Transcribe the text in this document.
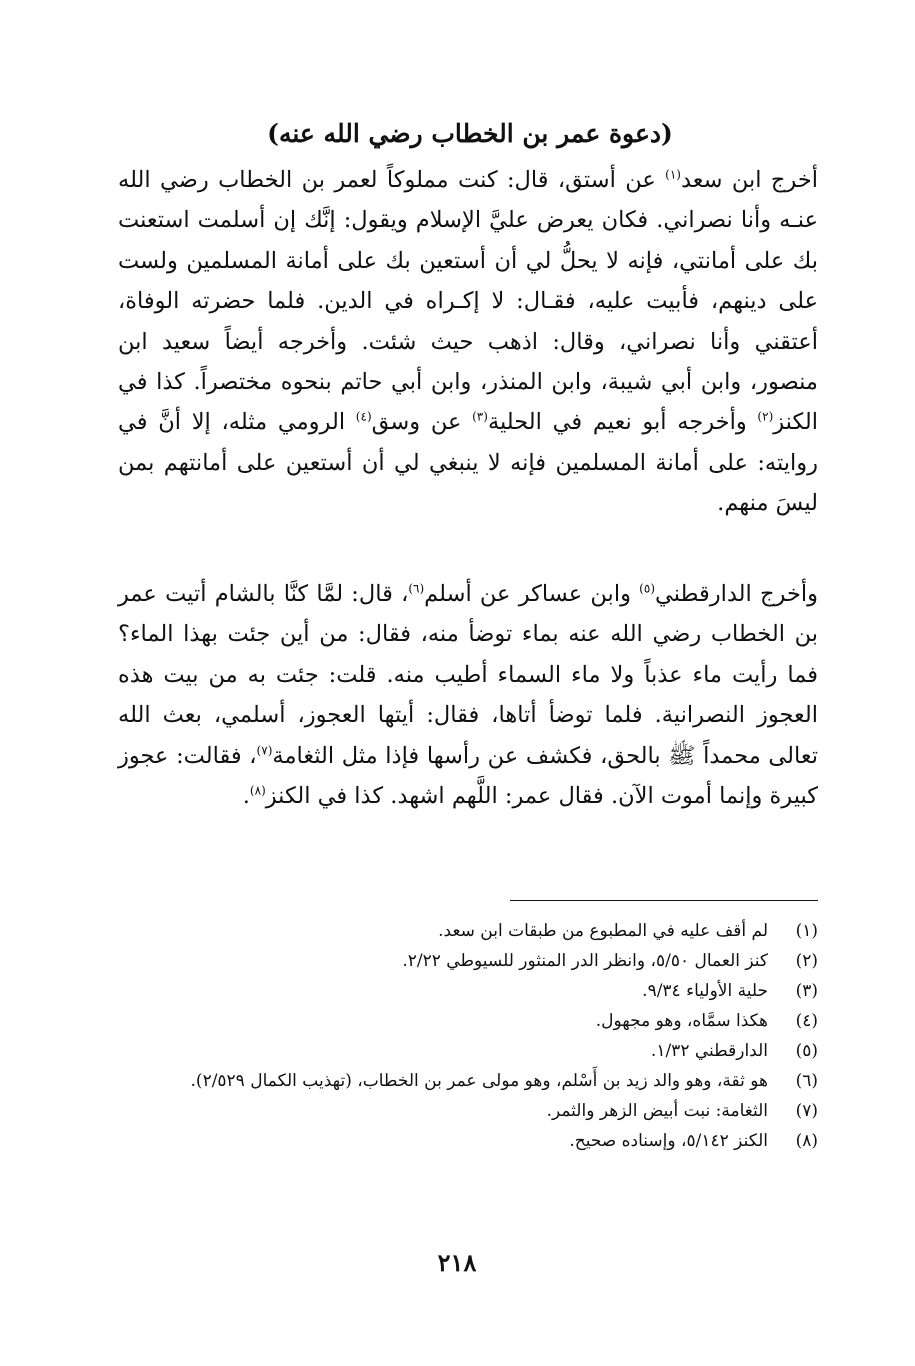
(دعوة عمر بن الخطاب رضي الله عنه)

أخرج ابن سعد$^{(١)}$ عن أستق، قال: كنت مملوكاً لعمر بن الخطاب رضي الله عنـه وأنا نصراني. فكان يعرض عليَّ الإسلام ويقول: إنَّك إن أسلمت استعنت بك على أمانتي، فإنه لا يحلُّ لي أن أستعين بك على أمانة المسلمين ولست على دينهم، فأبيت عليه، فقـال: لا إكـراه في الدين. فلما حضرته الوفاة، أعتقني وأنا نصراني، وقال: اذهب حيث شئت. وأخرجه أيضاً سعيد ابن منصور، وابن أبي شيبة، وابن المنذر، وابن أبي حاتم بنحوه مختصراً. كذا في الكنز$^{(٢)}$ وأخرجه أبو نعيم في الحلية$^{(٣)}$ عن وسق$^{(٤)}$ الرومي مثله، إلا أنَّ في روايته: على أمانة المسلمين فإنه لا ينبغي لي أن أستعين على أمانتهم بمن ليسَ منهم.

وأخرج الدارقطني$^{(٥)}$ وابن عساكر عن أسلم$^{(٦)}$، قال: لمَّا كنَّا بالشام أتيت عمر بن الخطاب رضي الله عنه بماء توضأ منه، فقال: من أين جئت بهذا الماء؟ فما رأيت ماء عذباً ولا ماء السماء أطيب منه. قلت: جئت به من بيت هذه العجوز النصرانية. فلما توضأ أتاها، فقال: أيتها العجوز، أسلمي، بعث الله تعالى محمداً ﷺ بالحق، فكشف عن رأسها فإذا مثل الثغامة$^{(٧)}$، فقالت: عجوز كبيرة وإنما أموت الآن. فقال عمر: اللَّهم اشهد. كذا في الكنز$^{(٨)}$.

(١)
لم أقف عليه في المطبوع من طبقات ابن سعد.
(٢)
كنز العمال ٥/٥٠، وانظر الدر المنثور للسيوطي ٢/٢٢.
(٣)
حلية الأولياء ٩/٣٤.
(٤)
هكذا سمَّاه، وهو مجهول.
(٥)
الدارقطني ١/٣٢.
(٦)
هو ثقة، وهو والد زيد بن أَسْلم، وهو مولى عمر بن الخطاب، (تهذيب الكمال ٢/٥٢٩).
(٧)
الثغامة: نبت أبيض الزهر والثمر.
(٨)
الكنز ٥/١٤٢، وإسناده صحيح.
٢١٨
